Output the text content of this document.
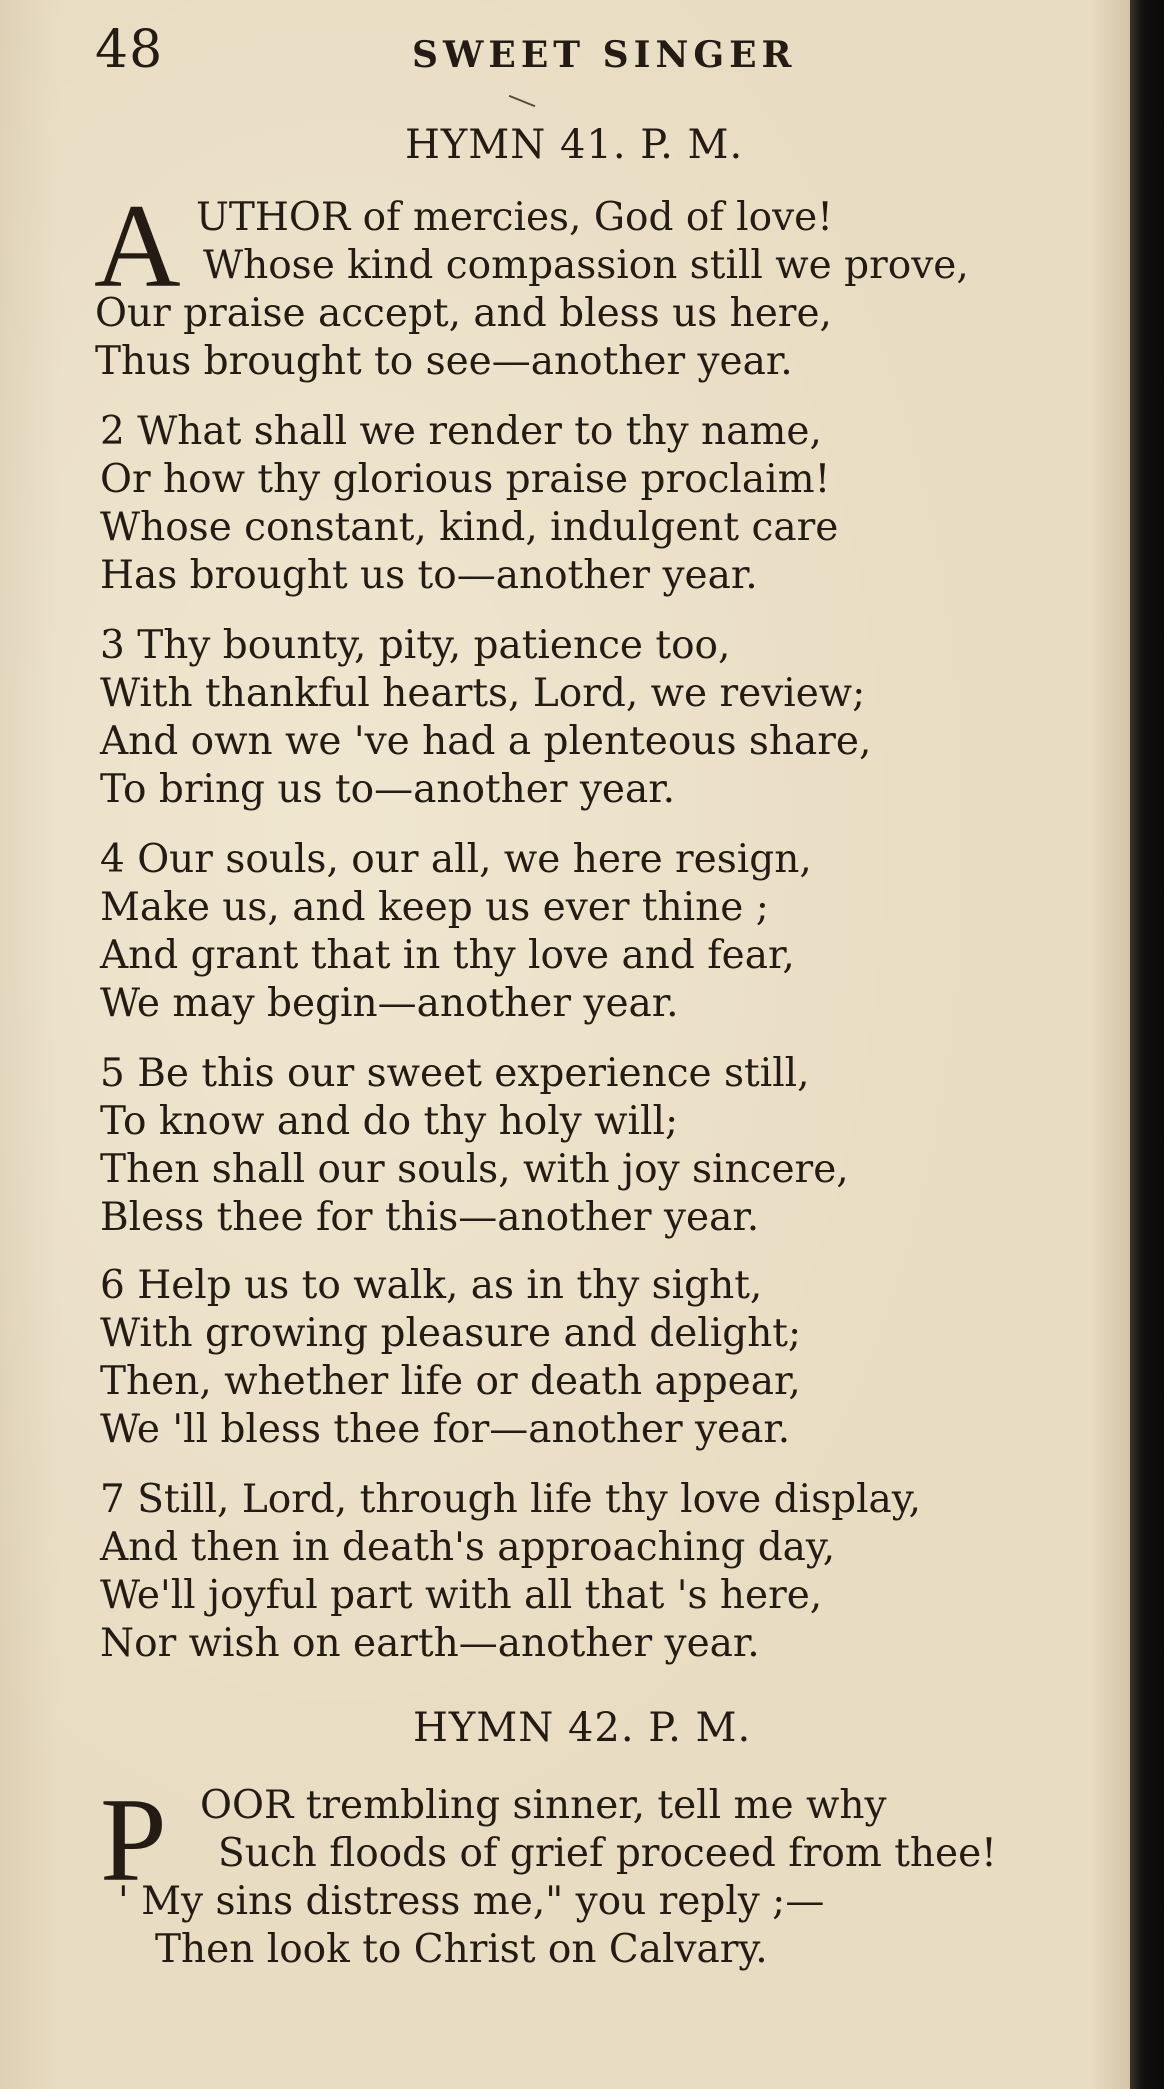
48	SWEET SINGER
HYMN 41. P. M.
A UTHOR of mercies, God of love!
Whose kind compassion still we prove,
Our praise accept, and bless us here,
Thus brought to see—another year.
2 What shall we render to thy name,
Or how thy glorious praise proclaim!
Whose constant, kind, indulgent care
Has brought us to—another year.
3 Thy bounty, pity, patience too,
With thankful hearts, Lord, we review;
And own we 've had a plenteous share,
To bring us to—another year.
4 Our souls, our all, we here resign,
Make us, and keep us ever thine ;
And grant that in thy love and fear,
We may begin—another year.
5 Be this our sweet experience still,
To know and do thy holy will;
Then shall our souls, with joy sincere,
Bless thee for this—another year.
6 Help us to walk, as in thy sight,
With growing pleasure and delight;
Then, whether life or death appear,
We 'll bless thee for—another year.
7 Still, Lord, through life thy love display,
And then in death's approaching day,
We'll joyful part with all that 's here,
Nor wish on earth—another year.
HYMN 42. P. M.
P OOR trembling sinner, tell me why
Such floods of grief proceed from thee!
' My sins distress me," you reply ;—
Then look to Christ on Calvary.
